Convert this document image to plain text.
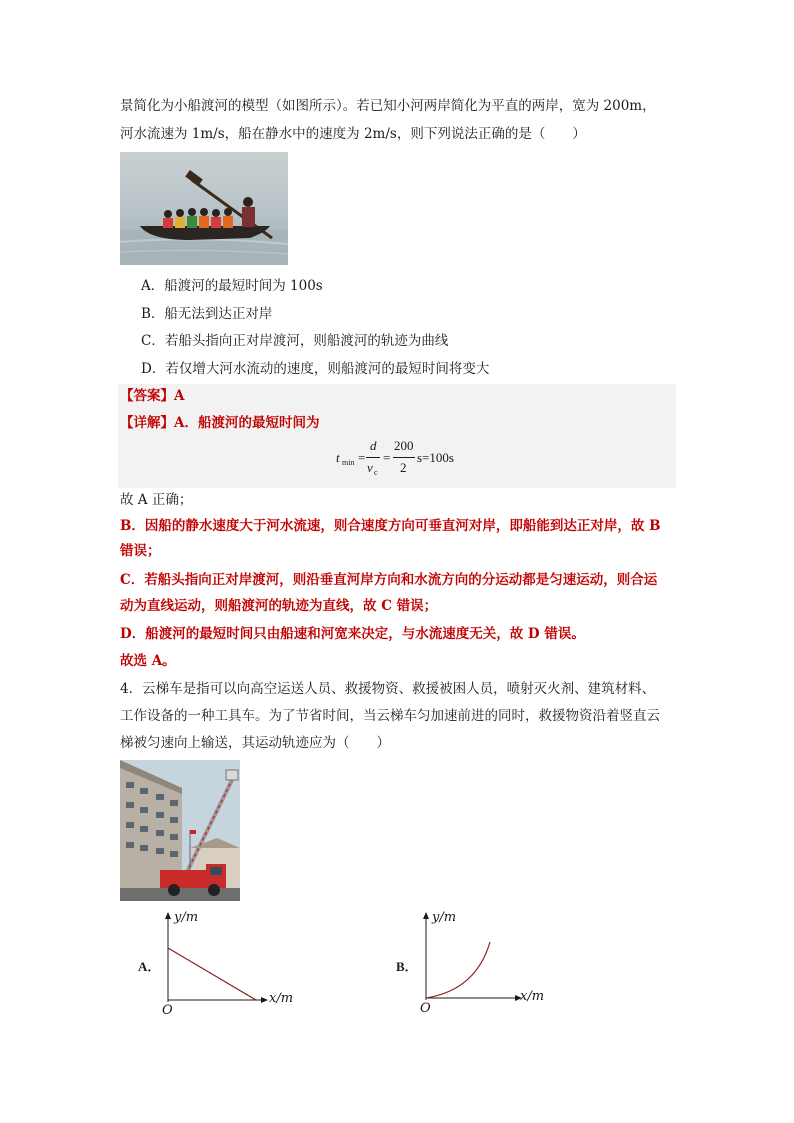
景简化为小船渡河的模型（如图所示）。若已知小河两岸简化为平直的两岸，宽为 200m，
河水流速为 1m/s，船在静水中的速度为 2m/s，则下列说法正确的是（　　）
A．船渡河的最短时间为 100s
B．船无法到达正对岸
C．若船头指向正对岸渡河，则船渡河的轨迹为曲线
D．若仅增大河水流动的速度，则船渡河的最短时间将变大
【答案】A
【详解】A．船渡河的最短时间为
t min =
d
v c
=
200
2
s=100s
故 A 正确；
B．因船的静水速度大于河水流速，则合速度方向可垂直河对岸，即船能到达正对岸，故 B
错误；
C．若船头指向正对岸渡河，则沿垂直河岸方向和水流方向的分运动都是匀速运动，则合运
动为直线运动，则船渡河的轨迹为直线，故 C 错误；
D．船渡河的最短时间只由船速和河宽来决定，与水流速度无关，故 D 错误。
故选 A。
4．云梯车是指可以向高空运送人员、救援物资、救援被困人员，喷射灭火剂、建筑材料、
工作设备的一种工具车。为了节省时间，当云梯车匀加速前进的同时，救援物资沿着竖直云
梯被匀速向上输送，其运动轨迹应为（　　）
A．
y/m
x/m
O
B．
y/m
x/m
O
